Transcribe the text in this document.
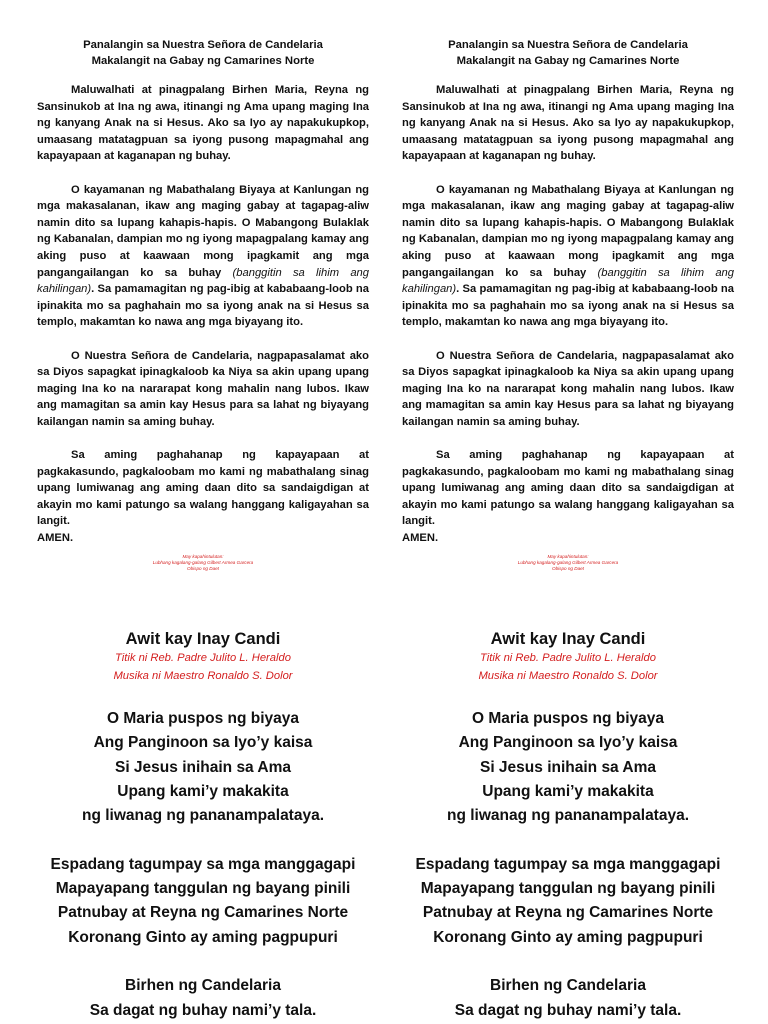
Panalangin sa Nuestra Señora de Candelaria
Makalangit na Gabay ng Camarines Norte

Maluwalhati at pinagpalang Birhen Maria, Reyna ng Sansinukob at Ina ng awa, itinangi ng Ama upang maging Ina ng kanyang Anak na si Hesus. Ako sa Iyo ay napakukupkop, umaasang matatagpuan sa iyong pusong mapagmahal ang kapayapaan at kaganapan ng buhay.

O kayamanan ng Mabathalang Biyaya at Kanlungan ng mga makasalanan, ikaw ang maging gabay at tagapag-aliw namin dito sa lupang kahapis-hapis. O Mabangong Bulaklak ng Kabanalan, dampian mo ng iyong mapagpalang kamay ang aking puso at kaawaan mong ipagkamit ang mga pangangailangan ko sa buhay (banggitin sa lihim ang kahilingan). Sa pamamagitan ng pag-ibig at kababaang-loob na ipinakita mo sa paghahain mo sa iyong anak na si Hesus sa templo, makamtan ko nawa ang mga biyayang ito.

O Nuestra Señora de Candelaria, nagpapasalamat ako sa Diyos sapagkat ipinagkaloob ka Niya sa akin upang upang maging Ina ko na nararapat kong mahalin nang lubos. Ikaw ang mamagitan sa amin kay Hesus para sa lahat ng biyayang kailangan namin sa aming buhay.

Sa aming paghahanap ng kapayapaan at pagkakasundo, pagkaloobam mo kami ng mabathalang sinag upang lumiwanag ang aming daan dito sa sandaigdigan at akayin mo kami patungo sa walang hanggang kaligayahan sa langit.

AMEN.
May kapahintulutan:
Lubhang kagalang-galang Gilbert Armea Garcera
Obispo ng Daet
Awit kay Inay Candi
Titik ni Reb. Padre Julito L. Heraldo
Musika ni Maestro Ronaldo S. Dolor
O Maria puspos ng biyaya
Ang Panginoon sa Iyo’y kaisa
Si Jesus inihain sa Ama
Upang kami’y makakita
ng liwanag ng pananampalataya.
Espadang tagumpay sa mga manggagapi
Mapayapang tanggulan ng bayang pinili
Patnubay at Reyna ng Camarines Norte
Koronang Ginto ay aming pagpupuri
Birhen ng Candelaria
Sa dagat ng buhay nami’y tala.
Panalangin sa Nuestra Señora de Candelaria
Makalangit na Gabay ng Camarines Norte

Maluwalhati at pinagpalang Birhen Maria, Reyna ng Sansinukob at Ina ng awa, itinangi ng Ama upang maging Ina ng kanyang Anak na si Hesus. Ako sa Iyo ay napakukupkop, umaasang matatagpuan sa iyong pusong mapagmahal ang kapayapaan at kaganapan ng buhay.

O kayamanan ng Mabathalang Biyaya at Kanlungan ng mga makasalanan, ikaw ang maging gabay at tagapag-aliw namin dito sa lupang kahapis-hapis. O Mabangong Bulaklak ng Kabanalan, dampian mo ng iyong mapagpalang kamay ang aking puso at kaawaan mong ipagkamit ang mga pangangailangan ko sa buhay (banggitin sa lihim ang kahilingan). Sa pamamagitan ng pag-ibig at kababaang-loob na ipinakita mo sa paghahain mo sa iyong anak na si Hesus sa templo, makamtan ko nawa ang mga biyayang ito.

O Nuestra Señora de Candelaria, nagpapasalamat ako sa Diyos sapagkat ipinagkaloob ka Niya sa akin upang upang maging Ina ko na nararapat kong mahalin nang lubos. Ikaw ang mamagitan sa amin kay Hesus para sa lahat ng biyayang kailangan namin sa aming buhay.

Sa aming paghahanap ng kapayapaan at pagkakasundo, pagkaloobam mo kami ng mabathalang sinag upang lumiwanag ang aming daan dito sa sandaigdigan at akayin mo kami patungo sa walang hanggang kaligayahan sa langit.

AMEN.
May kapahintulutan:
Lubhang kagalang-galang Gilbert Armea Garcera
Obispo ng Daet
Awit kay Inay Candi
Titik ni Reb. Padre Julito L. Heraldo
Musika ni Maestro Ronaldo S. Dolor
O Maria puspos ng biyaya
Ang Panginoon sa Iyo’y kaisa
Si Jesus inihain sa Ama
Upang kami’y makakita
ng liwanag ng pananampalataya.
Espadang tagumpay sa mga manggagapi
Mapayapang tanggulan ng bayang pinili
Patnubay at Reyna ng Camarines Norte
Koronang Ginto ay aming pagpupuri
Birhen ng Candelaria
Sa dagat ng buhay nami’y tala.
